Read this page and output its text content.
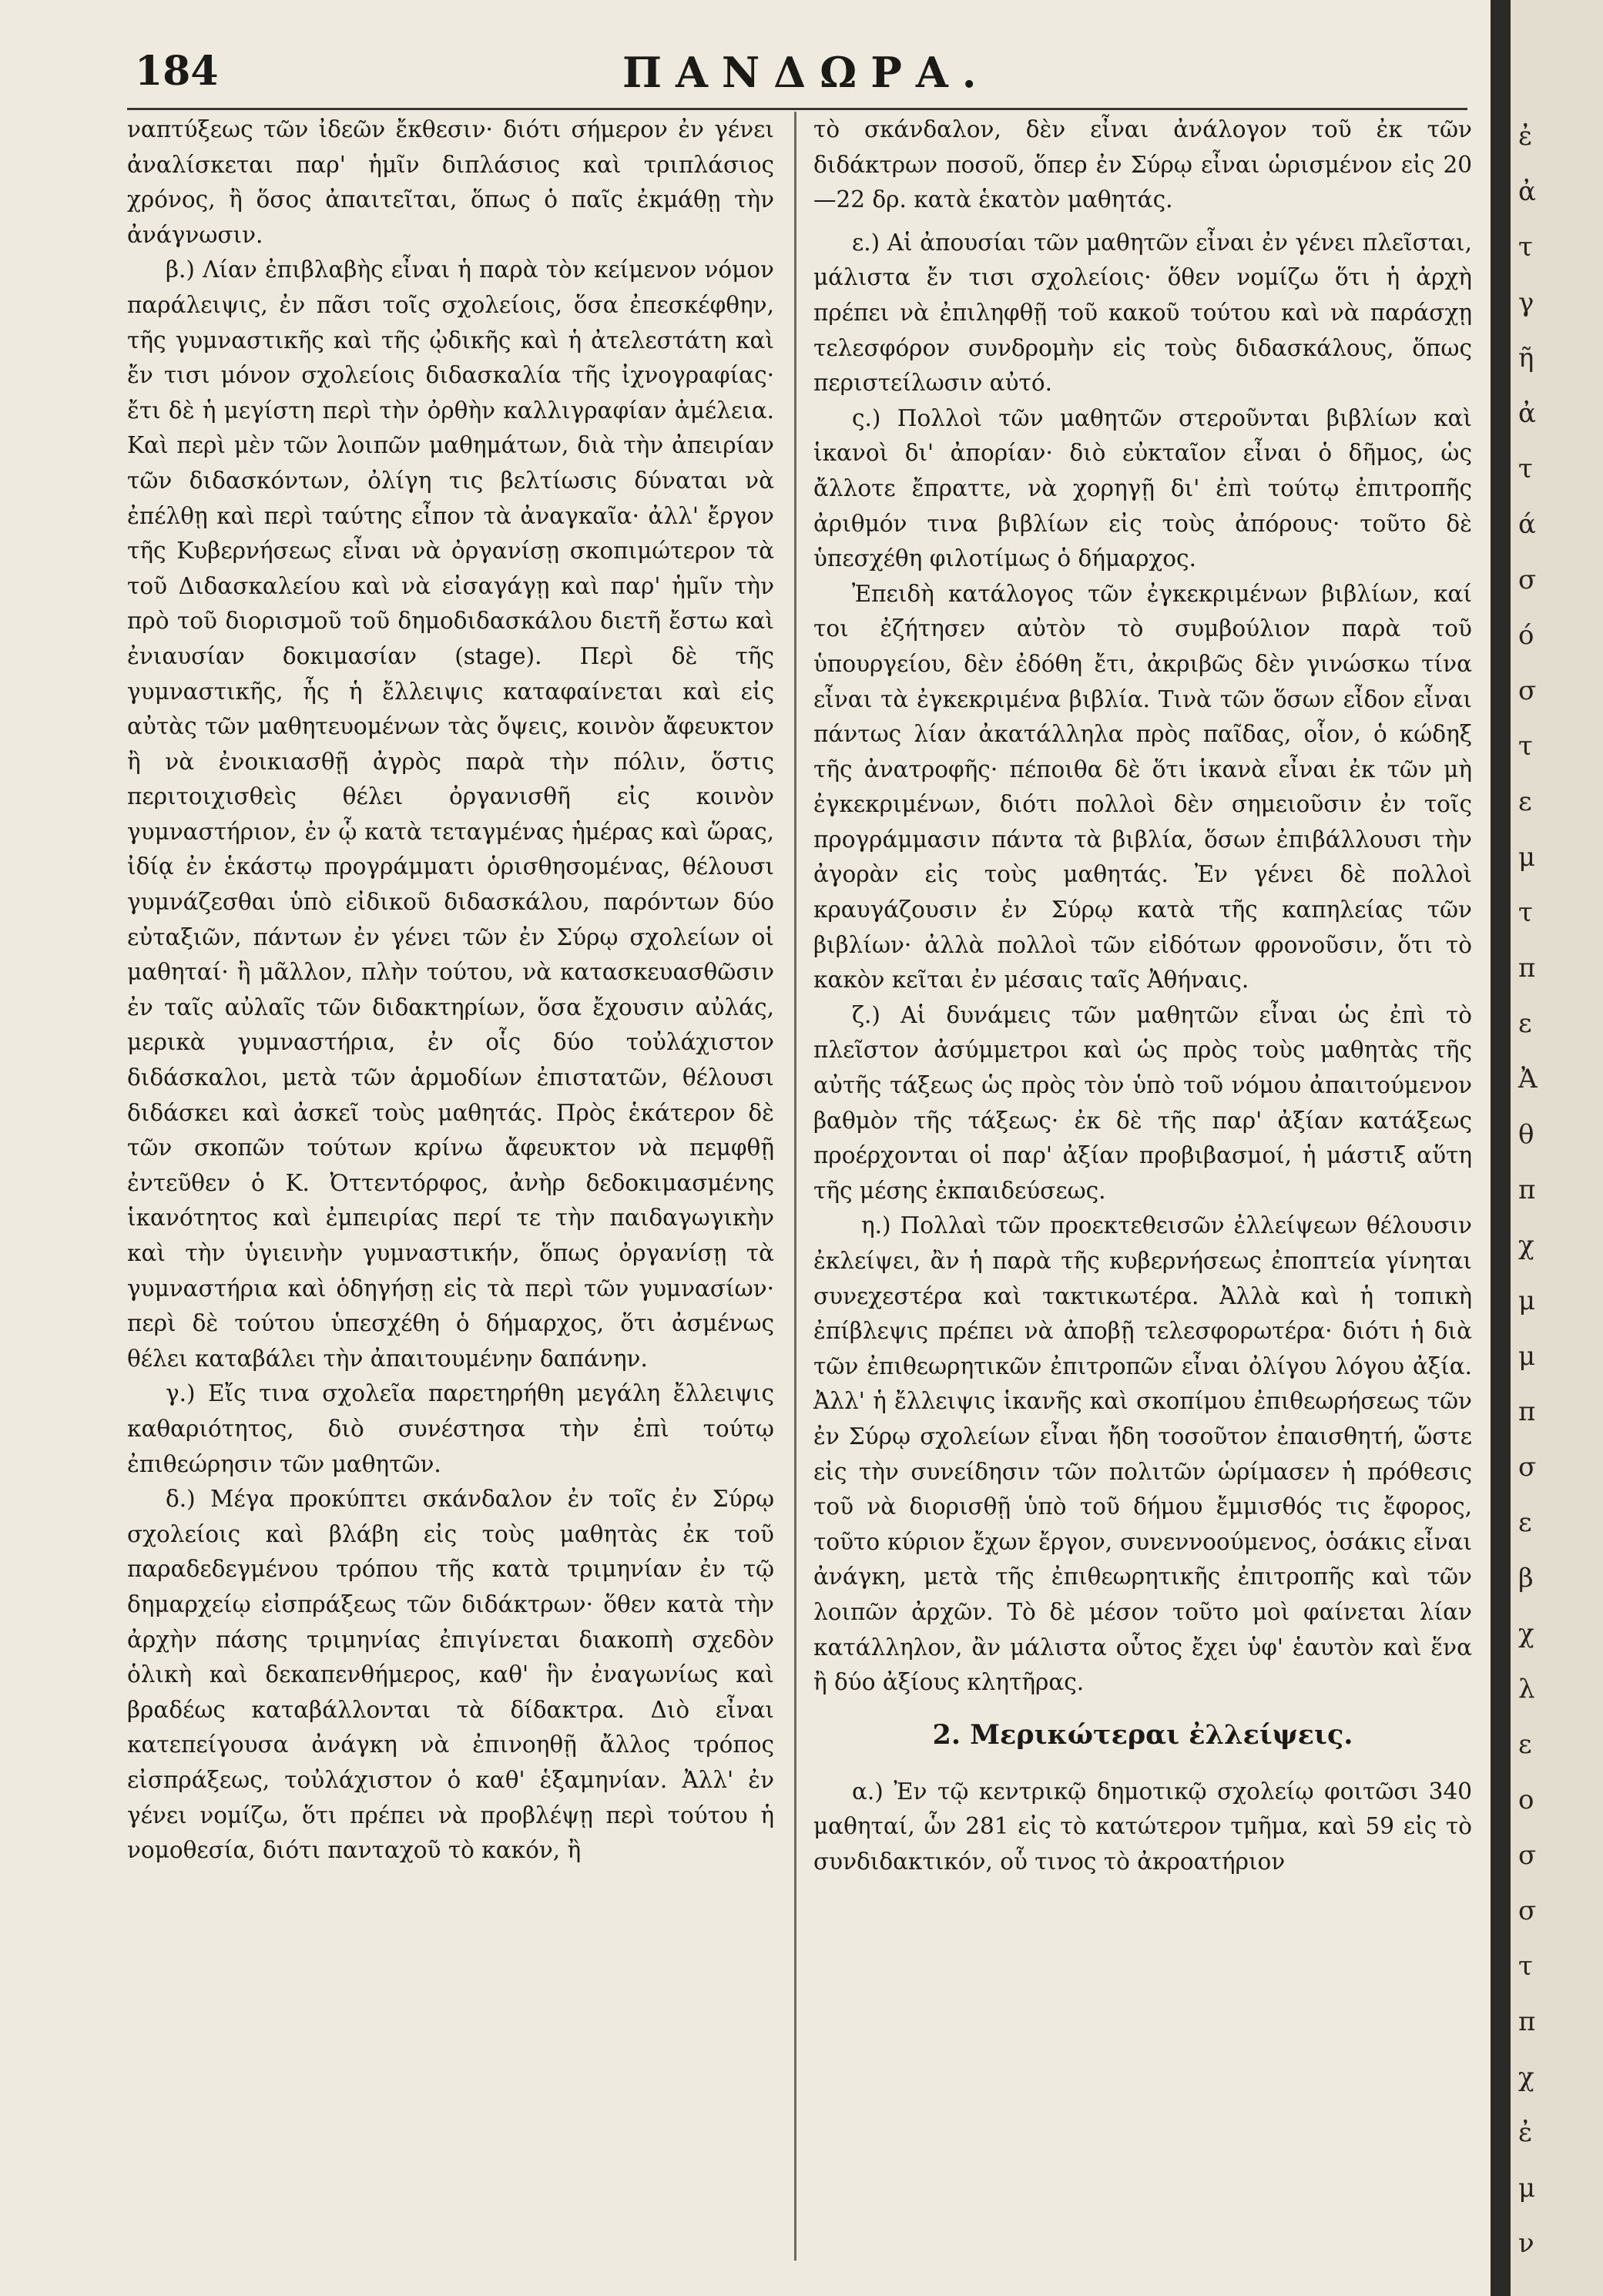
184	ΠΑΝΔΩΡΑ.

ναπτύξεως τῶν ἰδεῶν ἔκθεσιν· διότι σήμερον ἐν γένει ἀναλίσκεται παρ' ἡμῖν διπλάσιος καὶ τριπλάσιος χρόνος, ἢ ὅσος ἀπαιτεῖται, ὅπως ὁ παῖς ἐκμάθῃ τὴν ἀνάγνωσιν.

β.) Λίαν ἐπιβλαβὴς εἶναι ἡ παρὰ τὸν κείμενον νόμον παράλειψις, ἐν πᾶσι τοῖς σχολείοις, ὅσα ἐπεσκέφθην, τῆς γυμναστικῆς καὶ τῆς ᾠδικῆς καὶ ἡ ἀτελεστάτη καὶ ἔν τισι μόνον σχολείοις διδασκαλία τῆς ἰχνογραφίας· ἔτι δὲ ἡ μεγίστη περὶ τὴν ὀρθὴν καλλιγραφίαν ἀμέλεια. Καὶ περὶ μὲν τῶν λοιπῶν μαθημάτων, διὰ τὴν ἀπειρίαν τῶν διδασκόντων, ὀλίγη τις βελτίωσις δύναται νὰ ἐπέλθῃ καὶ περὶ ταύτης εἶπον τὰ ἀναγκαῖα· ἀλλ' ἔργον τῆς Κυβερνήσεως εἶναι νὰ ὀργανίσῃ σκοπιμώτερον τὰ τοῦ Διδασκαλείου καὶ νὰ εἰσαγάγῃ καὶ παρ' ἡμῖν τὴν πρὸ τοῦ διορισμοῦ τοῦ δημοδιδασκάλου διετῆ ἔστω καὶ ἐνιαυσίαν δοκιμασίαν (stage). Περὶ δὲ τῆς γυμναστικῆς, ἧς ἡ ἔλλειψις καταφαίνεται καὶ εἰς αὐτὰς τῶν μαθητευομένων τὰς ὄψεις, κοινὸν ἄφευκτον ἢ νὰ ἐνοικιασθῇ ἀγρὸς παρὰ τὴν πόλιν, ὅστις περιτοιχισθεὶς θέλει ὀργανισθῆ εἰς κοινὸν γυμναστήριον, ἐν ᾧ κατὰ τεταγμένας ἡμέρας καὶ ὥρας, ἰδίᾳ ἐν ἑκάστῳ προγράμματι ὁρισθησομένας, θέλουσι γυμνάζεσθαι ὑπὸ εἰδικοῦ διδασκάλου, παρόντων δύο εὐταξιῶν, πάντων ἐν γένει τῶν ἐν Σύρῳ σχολείων οἱ μαθηταί· ἢ μᾶλλον, πλὴν τούτου, νὰ κατασκευασθῶσιν ἐν ταῖς αὐλαῖς τῶν διδακτηρίων, ὅσα ἔχουσιν αὐλάς, μερικὰ γυμναστήρια, ἐν οἷς δύο τοὐλάχιστον διδάσκαλοι, μετὰ τῶν ἁρμοδίων ἐπιστατῶν, θέλουσι διδάσκει καὶ ἀσκεῖ τοὺς μαθητάς. Πρὸς ἑκάτερον δὲ τῶν σκοπῶν τούτων κρίνω ἄφευκτον νὰ πεμφθῇ ἐντεῦθεν ὁ Κ. Ὀττεντόρφος, ἀνὴρ δεδοκιμασμένης ἱκανότητος καὶ ἐμπειρίας περί τε τὴν παιδαγωγικὴν καὶ τὴν ὑγιεινὴν γυμναστικήν, ὅπως ὀργανίσῃ τὰ γυμναστήρια καὶ ὁδηγήσῃ εἰς τὰ περὶ τῶν γυμνασίων· περὶ δὲ τούτου ὑπεσχέθη ὁ δήμαρχος, ὅτι ἀσμένως θέλει καταβάλει τὴν ἀπαιτουμένην δαπάνην.

γ.) Εἴς τινα σχολεῖα παρετηρήθη μεγάλη ἔλλειψις καθαριότητος, διὸ συνέστησα τὴν ἐπὶ τούτῳ ἐπιθεώρησιν τῶν μαθητῶν.

δ.) Μέγα προκύπτει σκάνδαλον ἐν τοῖς ἐν Σύρῳ σχολείοις καὶ βλάβη εἰς τοὺς μαθητὰς ἐκ τοῦ παραδεδεγμένου τρόπου τῆς κατὰ τριμηνίαν ἐν τῷ δημαρχείῳ εἰσπράξεως τῶν διδάκτρων· ὅθεν κατὰ τὴν ἀρχὴν πάσης τριμηνίας ἐπιγίνεται διακοπὴ σχεδὸν ὁλικὴ καὶ δεκαπενθήμερος, καθ' ἣν ἐναγωνίως καὶ βραδέως καταβάλλονται τὰ δίδακτρα. Διὸ εἶναι κατεπείγουσα ἀνάγκη νὰ ἐπινοηθῇ ἄλλος τρόπος εἰσπράξεως, τοὐλάχιστον ὁ καθ' ἑξαμηνίαν. Ἀλλ' ἐν γένει νομίζω, ὅτι πρέπει νὰ προβλέψῃ περὶ τούτου ἡ νομοθεσία, διότι πανταχοῦ τὸ κακόν, ἢ

τὸ σκάνδαλον, δὲν εἶναι ἀνάλογον τοῦ ἐκ τῶν διδάκτρων ποσοῦ, ὅπερ ἐν Σύρῳ εἶναι ὡρισμένον εἰς 20—22 δρ. κατὰ ἑκατὸν μαθητάς.

ε.) Αἱ ἀπουσίαι τῶν μαθητῶν εἶναι ἐν γένει πλεῖσται, μάλιστα ἔν τισι σχολείοις· ὅθεν νομίζω ὅτι ἡ ἀρχὴ πρέπει νὰ ἐπιληφθῇ τοῦ κακοῦ τούτου καὶ νὰ παράσχῃ τελεσφόρον συνδρομὴν εἰς τοὺς διδασκάλους, ὅπως περιστείλωσιν αὐτό.

ς.) Πολλοὶ τῶν μαθητῶν στεροῦνται βιβλίων καὶ ἱκανοὶ δι' ἀπορίαν· διὸ εὐκταῖον εἶναι ὁ δῆμος, ὡς ἄλλοτε ἔπραττε, νὰ χορηγῇ δι' ἐπὶ τούτῳ ἐπιτροπῆς ἀριθμόν τινα βιβλίων εἰς τοὺς ἀπόρους· τοῦτο δὲ ὑπεσχέθη φιλοτίμως ὁ δήμαρχος.

Ἐπειδὴ κατάλογος τῶν ἐγκεκριμένων βιβλίων, καί τοι ἐζήτησεν αὐτὸν τὸ συμβούλιον παρὰ τοῦ ὑπουργείου, δὲν ἐδόθη ἔτι, ἀκριβῶς δὲν γινώσκω τίνα εἶναι τὰ ἐγκεκριμένα βιβλία. Τινὰ τῶν ὅσων εἶδον εἶναι πάντως λίαν ἀκατάλληλα πρὸς παῖδας, οἷον, ὁ κώδηξ τῆς ἀνατροφῆς· πέποιθα δὲ ὅτι ἱκανὰ εἶναι ἐκ τῶν μὴ ἐγκεκριμένων, διότι πολλοὶ δὲν σημειοῦσιν ἐν τοῖς προγράμμασιν πάντα τὰ βιβλία, ὅσων ἐπιβάλλουσι τὴν ἀγορὰν εἰς τοὺς μαθητάς. Ἐν γένει δὲ πολλοὶ κραυγάζουσιν ἐν Σύρῳ κατὰ τῆς καπηλείας τῶν βιβλίων· ἀλλὰ πολλοὶ τῶν εἰδότων φρονοῦσιν, ὅτι τὸ κακὸν κεῖται ἐν μέσαις ταῖς Ἀθήναις.

ζ.) Αἱ δυνάμεις τῶν μαθητῶν εἶναι ὡς ἐπὶ τὸ πλεῖστον ἀσύμμετροι καὶ ὡς πρὸς τοὺς μαθητὰς τῆς αὐτῆς τάξεως ὡς πρὸς τὸν ὑπὸ τοῦ νόμου ἀπαιτούμενον βαθμὸν τῆς τάξεως· ἐκ δὲ τῆς παρ' ἀξίαν κατάξεως προέρχονται οἱ παρ' ἀξίαν προβιβασμοί, ἡ μάστιξ αὕτη τῆς μέσης ἐκπαιδεύσεως.

η.) Πολλαὶ τῶν προεκτεθεισῶν ἐλλείψεων θέλουσιν ἐκλείψει, ἂν ἡ παρὰ τῆς κυβερνήσεως ἐποπτεία γίνηται συνεχεστέρα καὶ τακτικωτέρα. Ἀλλὰ καὶ ἡ τοπικὴ ἐπίβλεψις πρέπει νὰ ἀποβῇ τελεσφορωτέρα· διότι ἡ διὰ τῶν ἐπιθεωρητικῶν ἐπιτροπῶν εἶναι ὀλίγου λόγου ἀξία. Ἀλλ' ἡ ἔλλειψις ἱκανῆς καὶ σκοπίμου ἐπιθεωρήσεως τῶν ἐν Σύρῳ σχολείων εἶναι ἤδη τοσοῦτον ἐπαισθητή, ὥστε εἰς τὴν συνείδησιν τῶν πολιτῶν ὡρίμασεν ἡ πρόθεσις τοῦ νὰ διορισθῇ ὑπὸ τοῦ δήμου ἔμμισθός τις ἔφορος, τοῦτο κύριον ἔχων ἔργον, συνεννοούμενος, ὁσάκις εἶναι ἀνάγκη, μετὰ τῆς ἐπιθεωρητικῆς ἐπιτροπῆς καὶ τῶν λοιπῶν ἀρχῶν. Τὸ δὲ μέσον τοῦτο μοὶ φαίνεται λίαν κατάλληλον, ἂν μάλιστα οὗτος ἔχει ὑφ' ἑαυτὸν καὶ ἕνα ἢ δύο ἀξίους κλητῆρας.

2. Μερικώτεραι ἐλλείψεις.

α.) Ἐν τῷ κεντρικῷ δημοτικῷ σχολείῳ φοιτῶσι 340 μαθηταί, ὧν 281 εἰς τὸ κατώτερον τμῆμα, καὶ 59 εἰς τὸ συνδιδακτικόν, οὗ τινος τὸ ἀκροατήριον

ἐ
ἀ
τ
γ
ῆ
ἀ
τ
ά
σ
ό
σ
τ
ε
μ
τ
π
ε
Ἀ
θ
π
χ
μ
μ
π
σ
ε
β
χ
λ
ε
ο
σ
σ
τ
π
χ
ἐ
μ
ν
